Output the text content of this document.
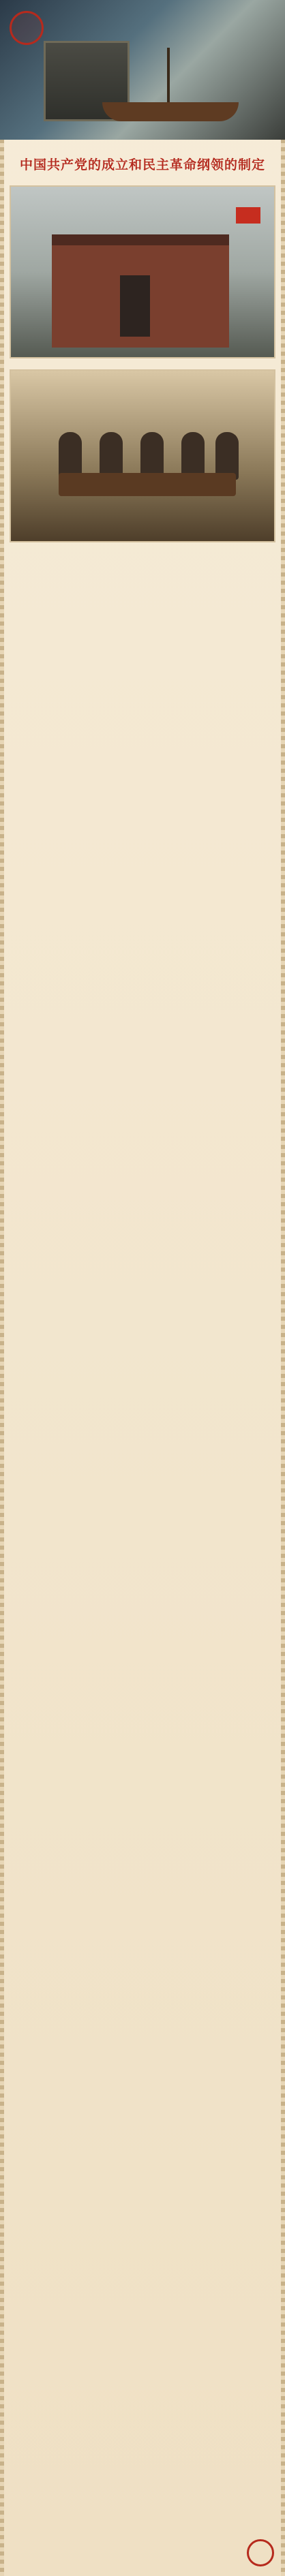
中国共产党的成立和民主革命纲领的制定
